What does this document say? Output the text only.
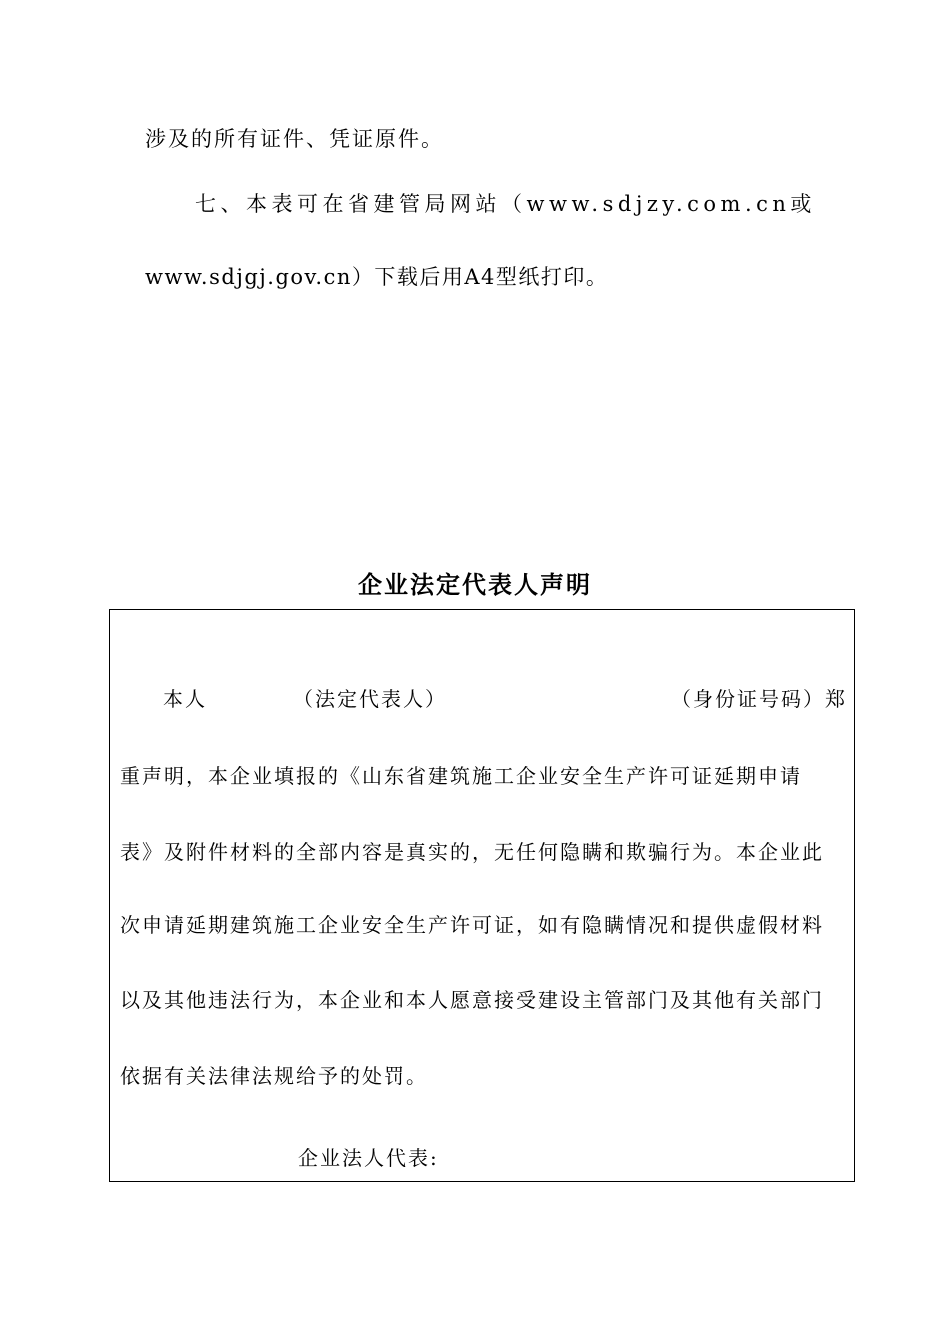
涉及的所有证件、凭证原件。
七、本表可在省建管局网站（www.sdjzy.com.cn或
www.sdjgj.gov.cn）下载后用A4型纸打印。
企业法定代表人声明
本人	（法定代表人）	（身份证号码）郑
重声明，本企业填报的《山东省建筑施工企业安全生产许可证延期申请
表》及附件材料的全部内容是真实的，无任何隐瞒和欺骗行为。本企业此
次申请延期建筑施工企业安全生产许可证，如有隐瞒情况和提供虚假材料
以及其他违法行为，本企业和本人愿意接受建设主管部门及其他有关部门
依据有关法律法规给予的处罚。
企业法人代表:
